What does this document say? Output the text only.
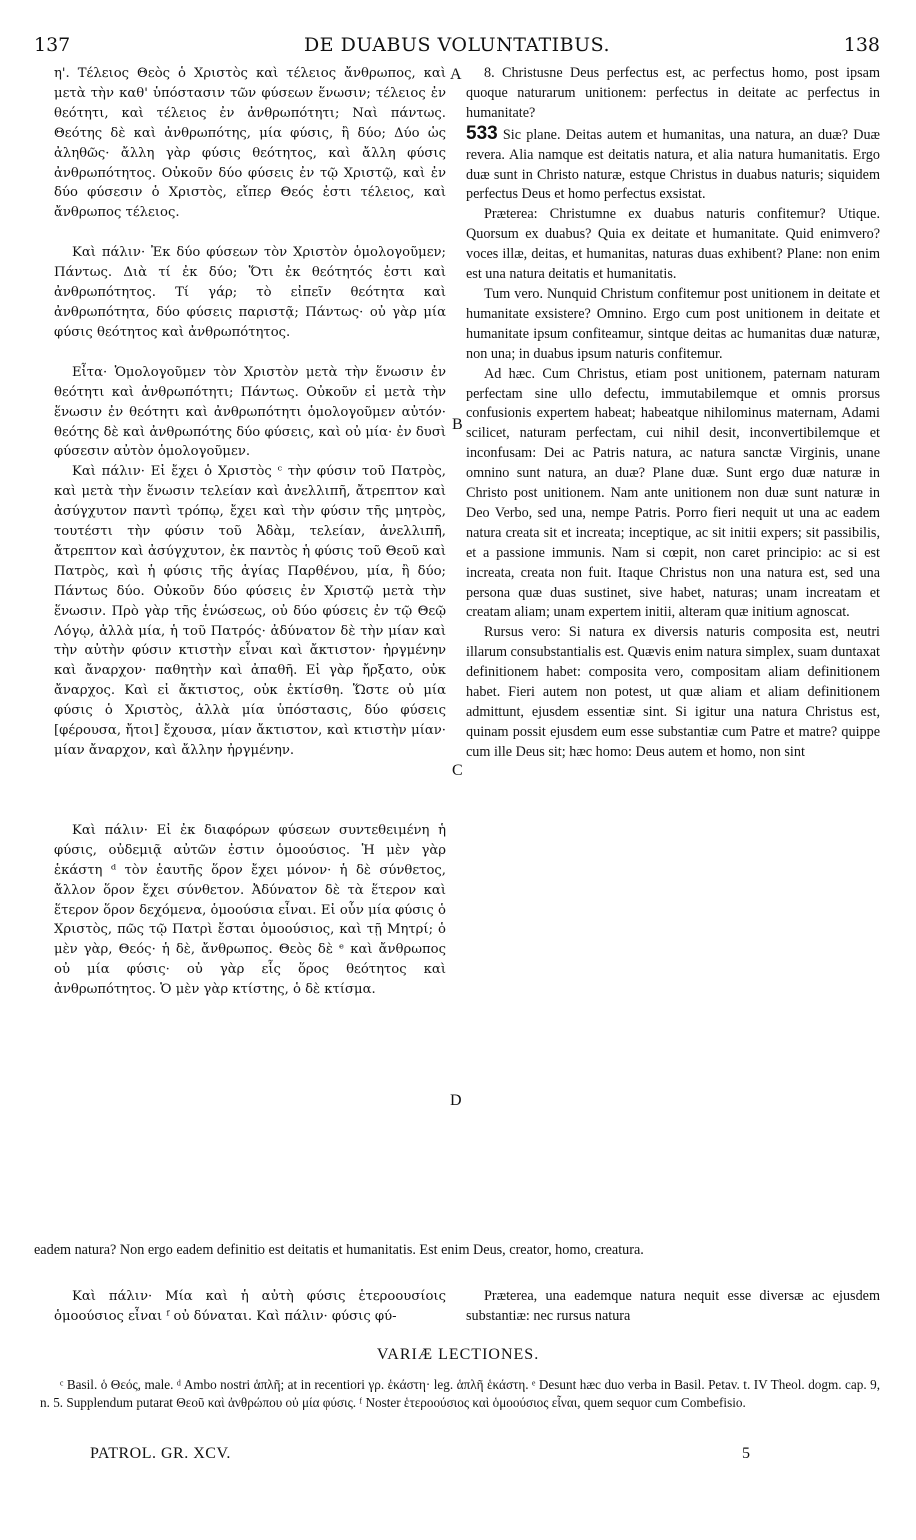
137	DE DUABUS VOLUNTATIBUS.	138

η'. Τέλειος Θεὸς ὁ Χριστὸς καὶ τέλειος ἄνθρωπος, καὶ μετὰ τὴν καθ' ὑπόστασιν τῶν φύσεων ἕνωσιν; τέλειος ἐν θεότητι, καὶ τέλειος ἐν ἀνθρωπότητι; Ναὶ πάντως. Θεότης δὲ καὶ ἀνθρωπότης, μία φύσις, ἢ δύο; Δύο ὡς ἀληθῶς· ἄλλη γὰρ φύσις θεότητος, καὶ ἄλλη φύσις ἀνθρωπότητος. Οὐκοῦν δύο φύσεις ἐν τῷ Χριστῷ, καὶ ἐν δύο φύσεσιν ὁ Χριστὸς, εἴπερ Θεός ἐστι τέλειος, καὶ ἄνθρωπος τέλειος.

Καὶ πάλιν· Ἐκ δύο φύσεων τὸν Χριστὸν ὁμολογοῦμεν; Πάντως. Διὰ τί ἐκ δύο; Ὅτι ἐκ θεότητός ἐστι καὶ ἀνθρωπότητος. Τί γάρ; τὸ εἰπεῖν θεότητα καὶ ἀνθρωπότητα, δύο φύσεις παριστᾷ; Πάντως· οὐ γὰρ μία φύσις θεότητος καὶ ἀνθρωπότητος.

Εἶτα· Ὁμολογοῦμεν τὸν Χριστὸν μετὰ τὴν ἕνωσιν ἐν θεότητι καὶ ἀνθρωπότητι; Πάντως. Οὐκοῦν εἰ μετὰ τὴν ἕνωσιν ἐν θεότητι καὶ ἀνθρωπότητι ὁμολογοῦμεν αὐτόν· θεότης δὲ καὶ ἀνθρωπότης δύο φύσεις, καὶ οὐ μία· ἐν δυσὶ φύσεσιν αὐτὸν ὁμολογοῦμεν.

Καὶ πάλιν· Εἰ ἔχει ὁ Χριστὸς ᶜ τὴν φύσιν τοῦ Πατρὸς, καὶ μετὰ τὴν ἕνωσιν τελείαν καὶ ἀνελλιπῆ, ἄτρεπτον καὶ ἀσύγχυτον παντὶ τρόπῳ, ἔχει καὶ τὴν φύσιν τῆς μητρὸς, τουτέστι τὴν φύσιν τοῦ Ἀδὰμ, τελείαν, ἀνελλιπῆ, ἄτρεπτον καὶ ἀσύγχυτον, ἐκ παντὸς ἡ φύσις τοῦ Θεοῦ καὶ Πατρὸς, καὶ ἡ φύσις τῆς ἁγίας Παρθένου, μία, ἢ δύο; Πάντως δύο. Οὐκοῦν δύο φύσεις ἐν Χριστῷ μετὰ τὴν ἕνωσιν. Πρὸ γὰρ τῆς ἑνώσεως, οὐ δύο φύσεις ἐν τῷ Θεῷ Λόγῳ, ἀλλὰ μία, ἡ τοῦ Πατρός· ἀδύνατον δὲ τὴν μίαν καὶ τὴν αὐτὴν φύσιν κτιστὴν εἶναι καὶ ἄκτιστον· ἠργμένην καὶ ἄναρχον· παθητὴν καὶ ἀπαθῆ. Εἰ γὰρ ἤρξατο, οὐκ ἄναρχος. Καὶ εἰ ἄκτιστος, οὐκ ἐκτίσθη. Ὥστε οὐ μία φύσις ὁ Χριστὸς, ἀλλὰ μία ὑπόστασις, δύο φύσεις [φέρουσα, ἤτοι] ἔχουσα, μίαν ἄκτιστον, καὶ κτιστὴν μίαν· μίαν ἄναρχον, καὶ ἄλλην ἠργμένην.

Καὶ πάλιν· Εἰ ἐκ διαφόρων φύσεων συντεθειμένη ἡ φύσις, οὐδεμιᾷ αὐτῶν ἐστιν ὁμοούσιος. Ἡ μὲν γὰρ ἑκάστη ᵈ τὸν ἑαυτῆς ὅρον ἔχει μόνον· ἡ δὲ σύνθετος, ἄλλον ὅρον ἔχει σύνθετον. Ἀδύνατον δὲ τὰ ἕτερον καὶ ἕτερον ὅρον δεχόμενα, ὁμοούσια εἶναι. Εἰ οὖν μία φύσις ὁ Χριστὸς, πῶς τῷ Πατρὶ ἔσται ὁμοούσιος, καὶ τῇ Μητρί; ὁ μὲν γὰρ, Θεός· ἡ δὲ, ἄνθρωπος. Θεὸς δὲ ᵉ καὶ ἄνθρωπος οὐ μία φύσις· οὐ γὰρ εἷς ὅρος θεότητος καὶ ἀνθρωπότητος. Ὁ μὲν γὰρ κτίστης, ὁ δὲ κτίσμα.

A
B
C
D

8. Christusne Deus perfectus est, ac perfectus homo, post ipsam quoque naturarum unitionem: perfectus in deitate ac perfectus in humanitate?

533 Sic plane. Deitas autem et humanitas, una natura, an duæ? Duæ revera. Alia namque est deitatis natura, et alia natura humanitatis. Ergo duæ sunt in Christo naturæ, estque Christus in duabus naturis; siquidem perfectus Deus et homo perfectus exsistat.

Præterea: Christumne ex duabus naturis confitemur? Utique. Quorsum ex duabus? Quia ex deitate et humanitate. Quid enimvero? voces illæ, deitas, et humanitas, naturas duas exhibent? Plane: non enim est una natura deitatis et humanitatis.

Tum vero. Nunquid Christum confitemur post unitionem in deitate et humanitate exsistere? Omnino. Ergo cum post unitionem in deitate et humanitate ipsum confiteamur, sintque deitas ac humanitas duæ naturæ, non una; in duabus ipsum naturis confitemur.

Ad hæc. Cum Christus, etiam post unitionem, paternam naturam perfectam sine ullo defectu, immutabilemque et omnis prorsus confusionis expertem habeat; habeatque nihilominus maternam, Adami scilicet, naturam perfectam, cui nihil desit, inconvertibilemque et inconfusam: Dei ac Patris natura, ac natura sanctæ Virginis, unane omnino sunt natura, an duæ? Plane duæ. Sunt ergo duæ naturæ in Christo post unitionem. Nam ante unitionem non duæ sunt naturæ in Deo Verbo, sed una, nempe Patris. Porro fieri nequit ut una ac eadem natura creata sit et increata; inceptique, ac sit initii expers; sit passibilis, et a passione immunis. Nam si cœpit, non caret principio: ac si est increata, creata non fuit. Itaque Christus non una natura est, sed una persona quæ duas sustinet, sive habet, naturas; unam increatam et creatam aliam; unam expertem initii, alteram quæ initium agnoscat.

Rursus vero: Si natura ex diversis naturis composita est, neutri illarum consubstantialis est. Quævis enim natura simplex, suam duntaxat definitionem habet: composita vero, compositam aliam definitionem habet. Fieri autem non potest, ut quæ aliam et aliam definitionem admittunt, ejusdem essentiæ sint. Si igitur una natura Christus est, quinam possit ejusdem eum esse substantiæ cum Patre et matre? quippe cum ille Deus sit; hæc homo: Deus autem et homo, non sint

eadem natura? Non ergo eadem definitio est deitatis et humanitatis. Est enim Deus, creator, homo, creatura.

Καὶ πάλιν· Μία καὶ ἡ αὐτὴ φύσις ἑτεροουσίοις ὁμοούσιος εἶναι ᶠ οὐ δύναται. Καὶ πάλιν· φύσις φύ-

Præterea, una eademque natura nequit esse diversæ ac ejusdem substantiæ: nec rursus natura

VARIÆ LECTIONES.

ᶜ Basil. ὁ Θεός, male. ᵈ Ambo nostri ἁπλῆ; at in recentiori γρ. ἑκάστη· leg. ἁπλῆ ἑκάστη. ᵉ Desunt hæc duo verba in Basil. Petav. t. IV Theol. dogm. cap. 9, n. 5. Supplendum putarat Θεοῦ καὶ ἀνθρώπου οὐ μία φύσις. ᶠ Noster ἑτεροούσιος καὶ ὁμοούσιος εἶναι, quem sequor cum Combefisio.

PATROL. GR. XCV.	5
